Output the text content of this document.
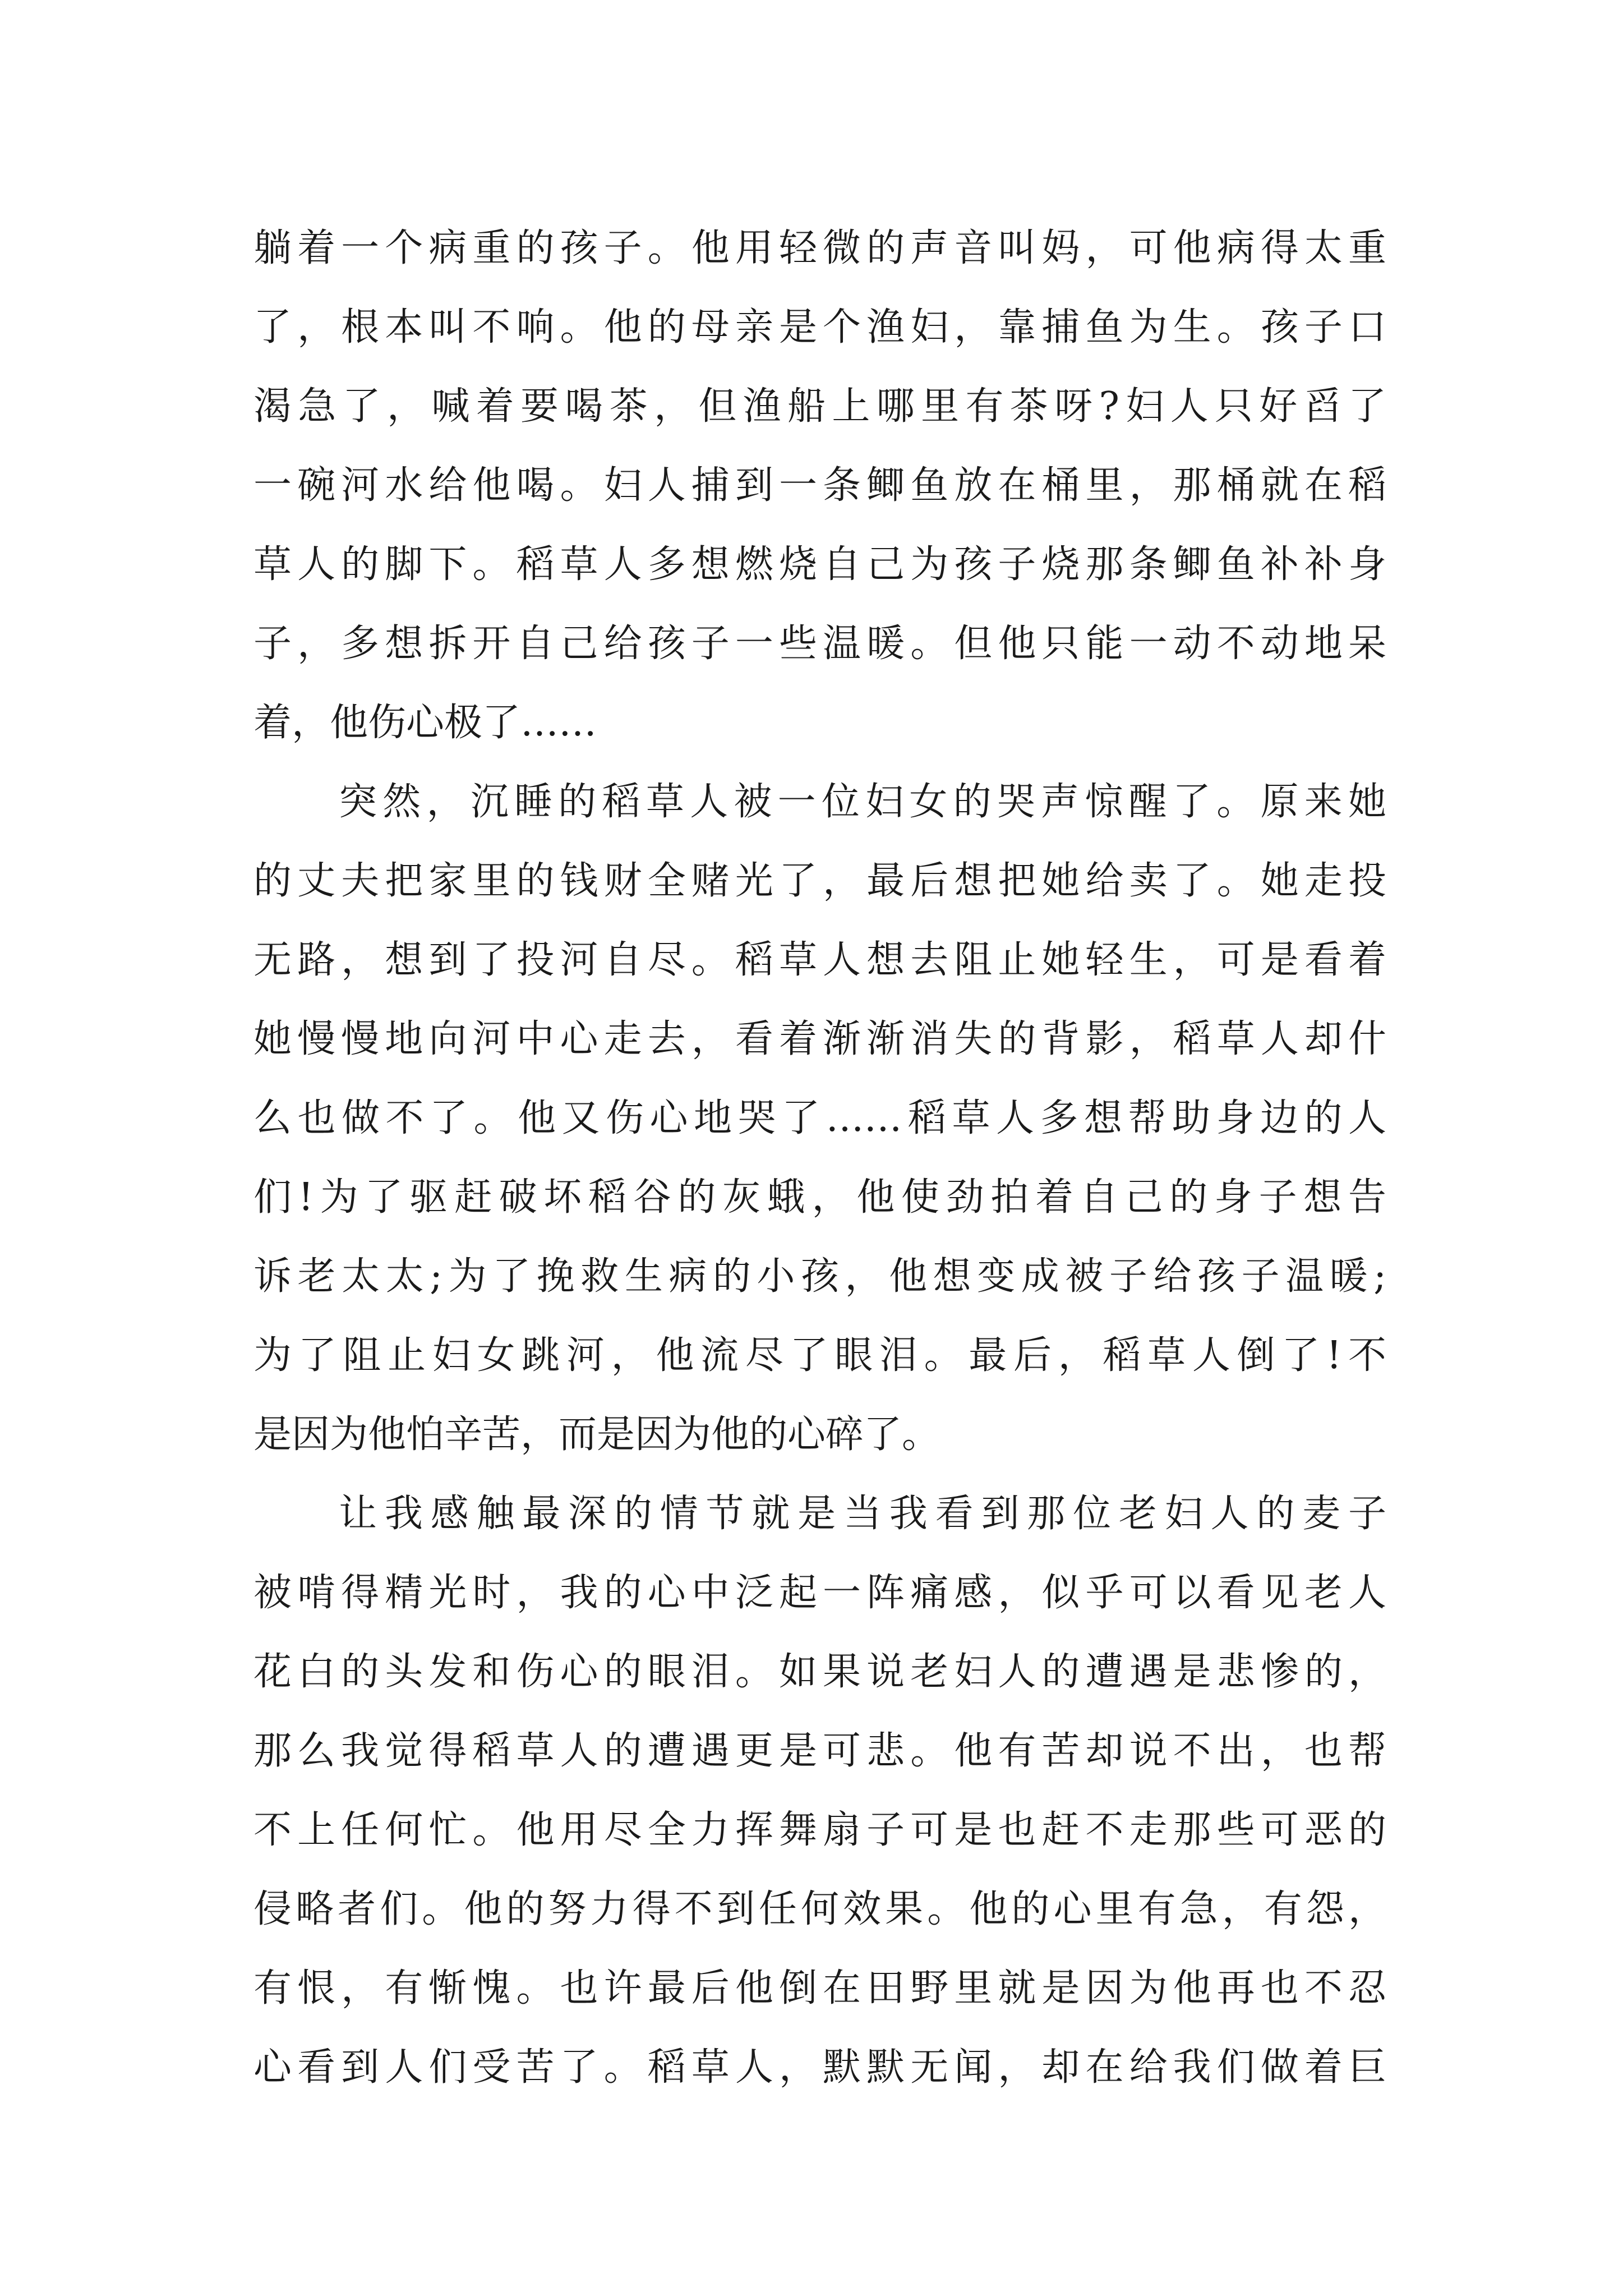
躺着一个病重的孩子。他用轻微的声音叫妈，可他病得太重
了，根本叫不响。他的母亲是个渔妇，靠捕鱼为生。孩子口
渴急了，喊着要喝茶，但渔船上哪里有茶呀?妇人只好舀了
一碗河水给他喝。妇人捕到一条鲫鱼放在桶里，那桶就在稻
草人的脚下。稻草人多想燃烧自己为孩子烧那条鲫鱼补补身
子，多想拆开自己给孩子一些温暖。但他只能一动不动地呆
着，他伤心极了……
突然，沉睡的稻草人被一位妇女的哭声惊醒了。原来她
的丈夫把家里的钱财全赌光了，最后想把她给卖了。她走投
无路，想到了投河自尽。稻草人想去阻止她轻生，可是看着
她慢慢地向河中心走去，看着渐渐消失的背影，稻草人却什
么也做不了。他又伤心地哭了……稻草人多想帮助身边的人
们!为了驱赶破坏稻谷的灰蛾，他使劲拍着自己的身子想告
诉老太太;为了挽救生病的小孩，他想变成被子给孩子温暖;
为了阻止妇女跳河，他流尽了眼泪。最后，稻草人倒了!不
是因为他怕辛苦，而是因为他的心碎了。
让我感触最深的情节就是当我看到那位老妇人的麦子
被啃得精光时，我的心中泛起一阵痛感，似乎可以看见老人
花白的头发和伤心的眼泪。如果说老妇人的遭遇是悲惨的，
那么我觉得稻草人的遭遇更是可悲。他有苦却说不出，也帮
不上任何忙。他用尽全力挥舞扇子可是也赶不走那些可恶的
侵略者们。他的努力得不到任何效果。他的心里有急，有怨，
有恨，有惭愧。也许最后他倒在田野里就是因为他再也不忍
心看到人们受苦了。稻草人，默默无闻，却在给我们做着巨
